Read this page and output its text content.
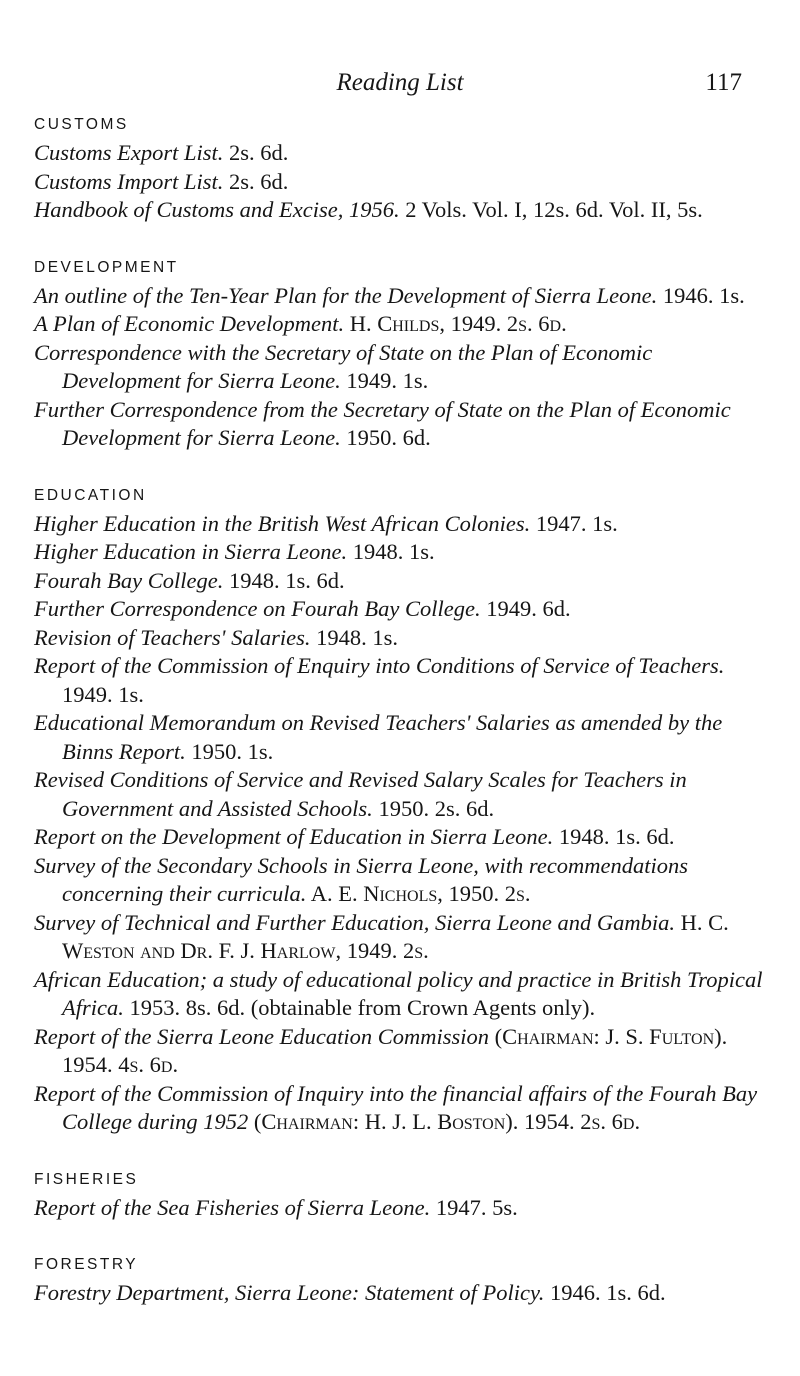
Reading List	117
CUSTOMS
Customs Export List. 2s. 6d.
Customs Import List. 2s. 6d.
Handbook of Customs and Excise, 1956. 2 Vols. Vol. I, 12s. 6d. Vol. II, 5s.
DEVELOPMENT
An outline of the Ten-Year Plan for the Development of Sierra Leone. 1946. 1s.
A Plan of Economic Development. H. Childs, 1949. 2s. 6d.
Correspondence with the Secretary of State on the Plan of Economic Development for Sierra Leone. 1949. 1s.
Further Correspondence from the Secretary of State on the Plan of Economic Development for Sierra Leone. 1950. 6d.
EDUCATION
Higher Education in the British West African Colonies. 1947. 1s.
Higher Education in Sierra Leone. 1948. 1s.
Fourah Bay College. 1948. 1s. 6d.
Further Correspondence on Fourah Bay College. 1949. 6d.
Revision of Teachers' Salaries. 1948. 1s.
Report of the Commission of Enquiry into Conditions of Service of Teachers. 1949. 1s.
Educational Memorandum on Revised Teachers' Salaries as amended by the Binns Report. 1950. 1s.
Revised Conditions of Service and Revised Salary Scales for Teachers in Government and Assisted Schools. 1950. 2s. 6d.
Report on the Development of Education in Sierra Leone. 1948. 1s. 6d.
Survey of the Secondary Schools in Sierra Leone, with recommendations concerning their curricula. A. E. Nichols, 1950. 2s.
Survey of Technical and Further Education, Sierra Leone and Gambia. H. C. Weston and Dr. F. J. Harlow, 1949. 2s.
African Education; a study of educational policy and practice in British Tropical Africa. 1953. 8s. 6d. (obtainable from Crown Agents only).
Report of the Sierra Leone Education Commission (Chairman: J. S. Fulton). 1954. 4s. 6d.
Report of the Commission of Inquiry into the financial affairs of the Fourah Bay College during 1952 (Chairman: H. J. L. Boston). 1954. 2s. 6d.
FISHERIES
Report of the Sea Fisheries of Sierra Leone. 1947. 5s.
FORESTRY
Forestry Department, Sierra Leone: Statement of Policy. 1946. 1s. 6d.
